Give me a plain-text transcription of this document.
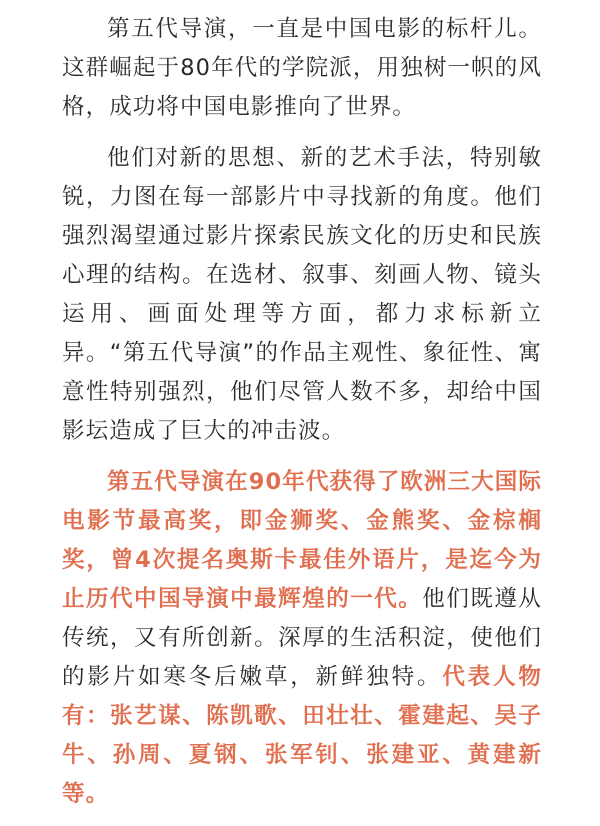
第五代导演，一直是中国电影的标杆儿。这群崛起于80年代的学院派，用独树一帜的风格，成功将中国电影推向了世界。

他们对新的思想、新的艺术手法，特别敏锐，力图在每一部影片中寻找新的角度。他们强烈渴望通过影片探索民族文化的历史和民族心理的结构。在选材、叙事、刻画人物、镜头运用、画面处理等方面，都力求标新立异。“第五代导演”的作品主观性、象征性、寓意性特别强烈，他们尽管人数不多，却给中国影坛造成了巨大的冲击波。

第五代导演在90年代获得了欧洲三大国际电影节最高奖，即金狮奖、金熊奖、金棕榈奖，曾4次提名奥斯卡最佳外语片，是迄今为止历代中国导演中最辉煌的一代。他们既遵从传统，又有所创新。深厚的生活积淀，使他们的影片如寒冬后嫩草，新鲜独特。代表人物有：张艺谋、陈凯歌、田壮壮、霍建起、吴子牛、孙周、夏钢、张军钊、张建亚、黄建新等。
